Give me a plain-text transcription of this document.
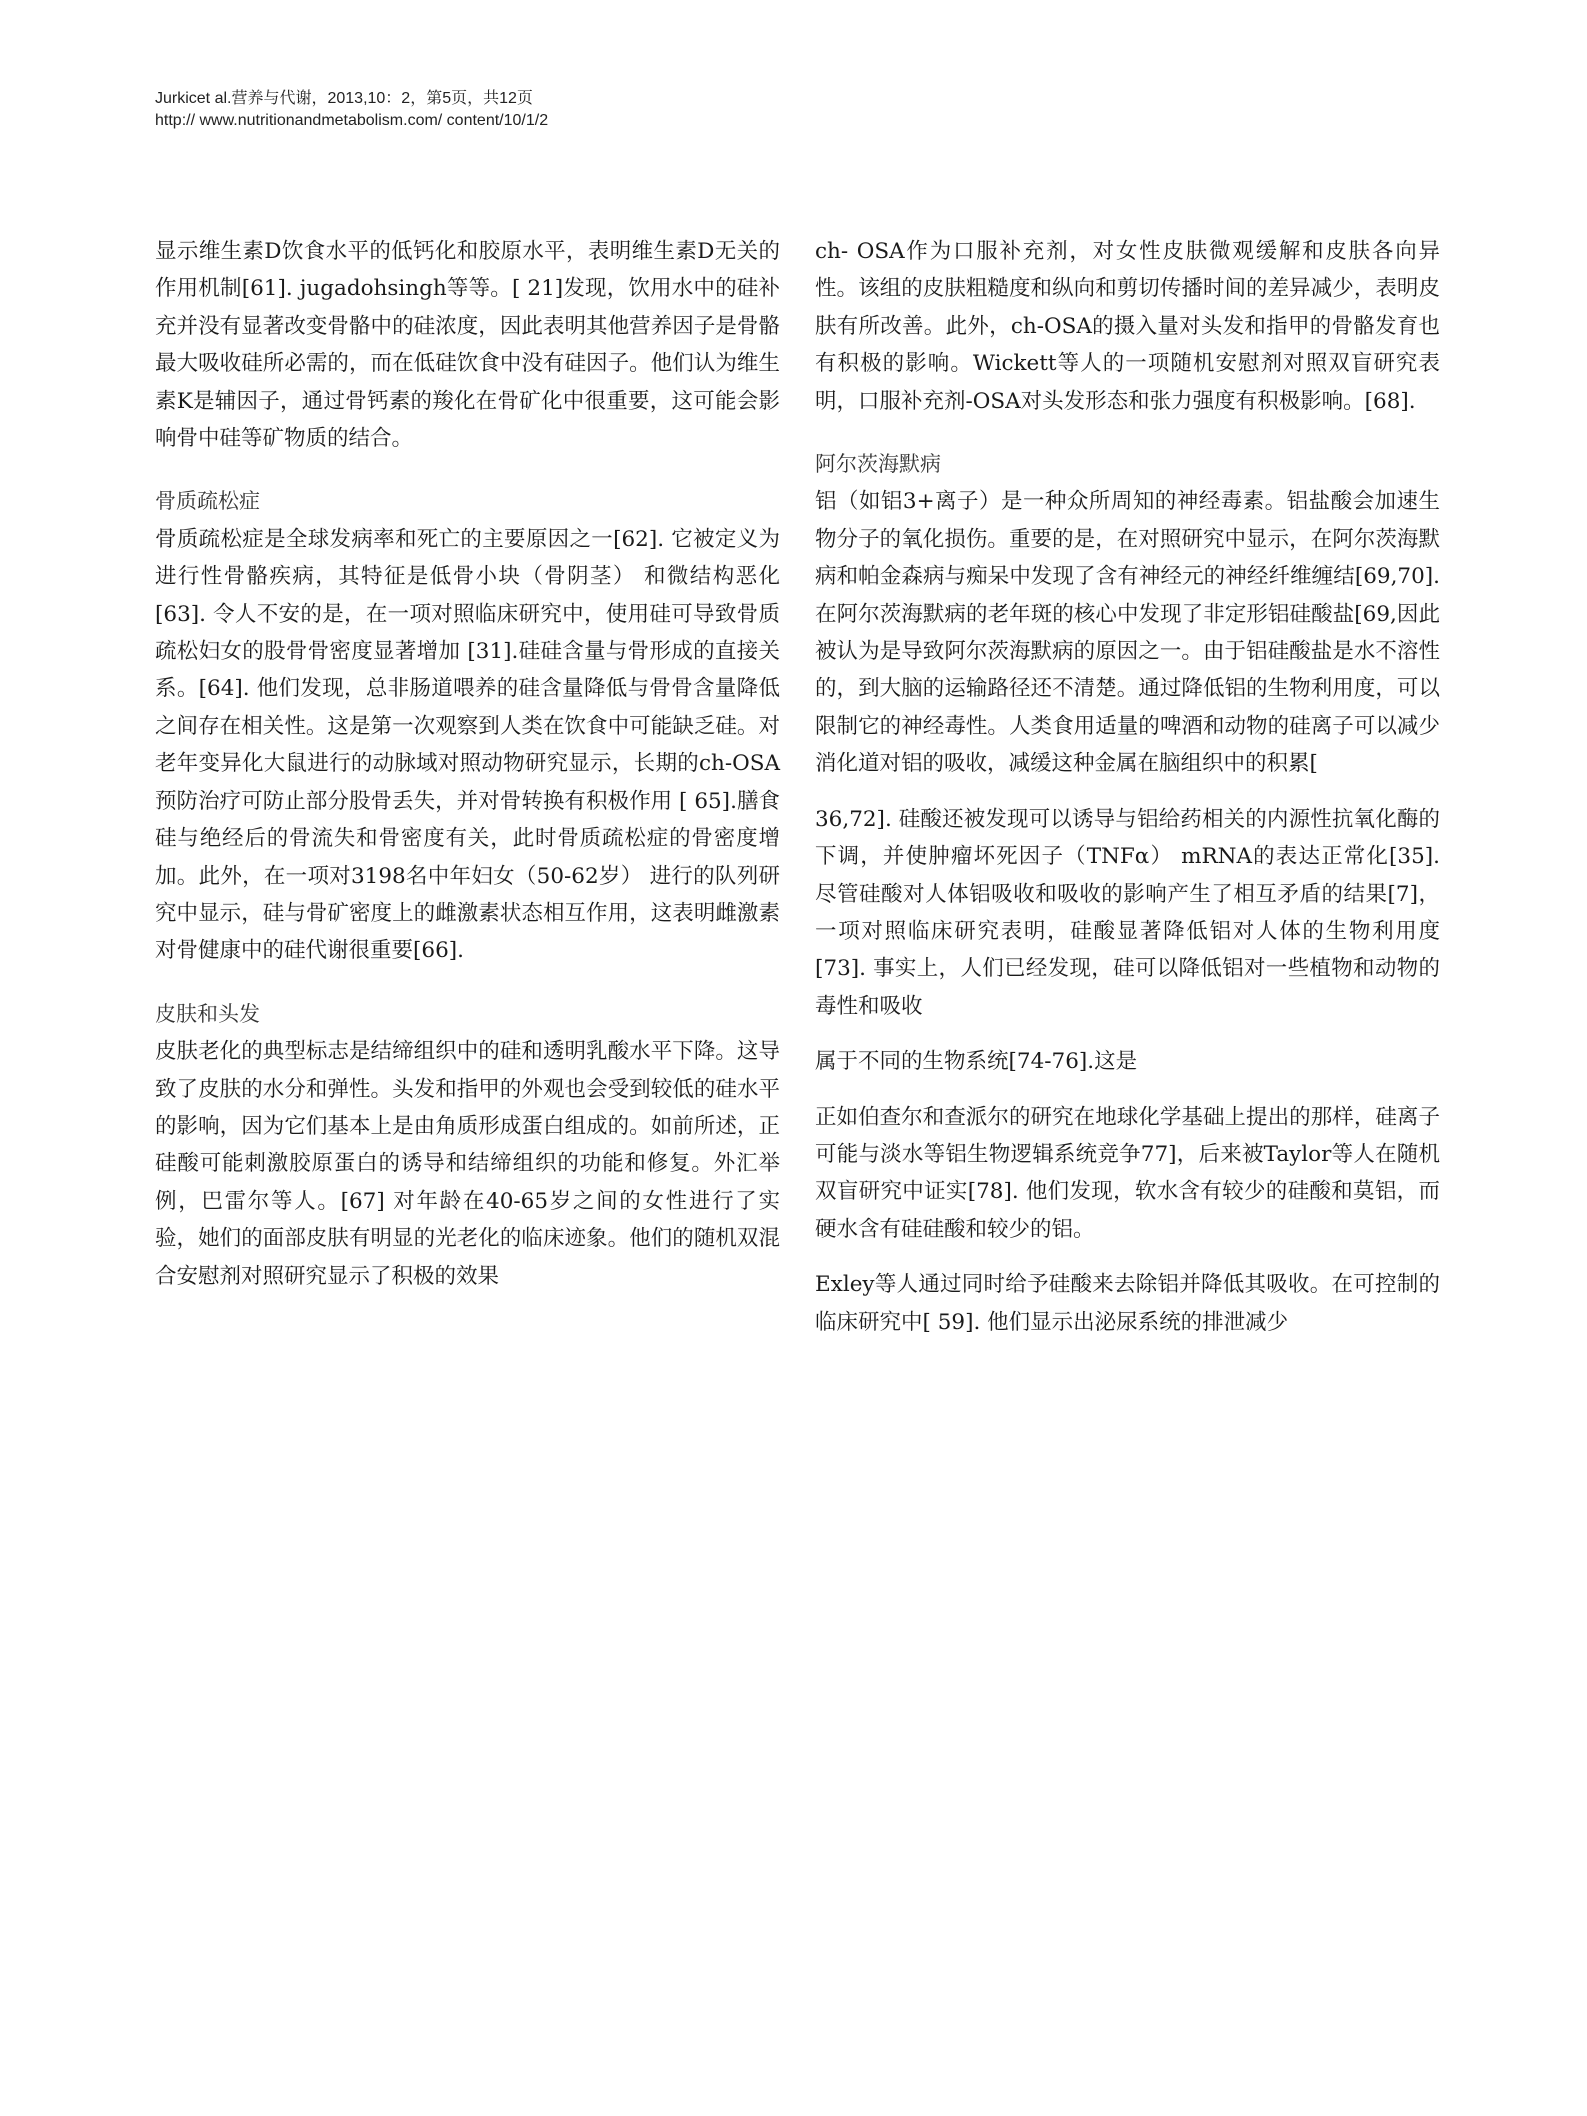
Jurkicet al.营养与代谢，2013,10：2，第5页，共12页
http:// www.nutritionandmetabolism.com/ content/10/1/2

显示维生素D饮食水平的低钙化和胶原水平，表明维生素D无关的作用机制[61]. jugadohsingh等等。[ 21]发现，饮用水中的硅补充并没有显著改变骨骼中的硅浓度，因此表明其他营养因子是骨骼最大吸收硅所必需的，而在低硅饮食中没有硅因子。他们认为维生素K是辅因子，通过骨钙素的羧化在骨矿化中很重要，这可能会影响骨中硅等矿物质的结合。

骨质疏松症

骨质疏松症是全球发病率和死亡的主要原因之一[62]. 它被定义为进行性骨骼疾病，其特征是低骨小块（骨阴茎） 和微结构恶化[63]. 令人不安的是，在一项对照临床研究中，使用硅可导致骨质疏松妇女的股骨骨密度显著增加 [31].硅硅含量与骨形成的直接关系。[64]. 他们发现，总非肠道喂养的硅含量降低与骨骨含量降低之间存在相关性。这是第一次观察到人类在饮食中可能缺乏硅。对老年变异化大鼠进行的动脉域对照动物研究显示，长期的ch-OSA预防治疗可防止部分股骨丢失，并对骨转换有积极作用 [ 65].膳食硅与绝经后的骨流失和骨密度有关，此时骨质疏松症的骨密度增加。此外，在一项对3198名中年妇女（50-62岁） 进行的队列研究中显示，硅与骨矿密度上的雌激素状态相互作用，这表明雌激素对骨健康中的硅代谢很重要[66].

皮肤和头发

皮肤老化的典型标志是结缔组织中的硅和透明乳酸水平下降。这导致了皮肤的水分和弹性。头发和指甲的外观也会受到较低的硅水平的影响，因为它们基本上是由角质形成蛋白组成的。如前所述，正硅酸可能刺激胶原蛋白的诱导和结缔组织的功能和修复。外汇举例，巴雷尔等人。[67] 对年龄在40-65岁之间的女性进行了实验，她们的面部皮肤有明显的光老化的临床迹象。他们的随机双混合安慰剂对照研究显示了积极的效果

ch- OSA作为口服补充剂，对女性皮肤微观缓解和皮肤各向异性。该组的皮肤粗糙度和纵向和剪切传播时间的差异减少，表明皮肤有所改善。此外，ch-OSA的摄入量对头发和指甲的骨骼发育也有积极的影响。Wickett等人的一项随机安慰剂对照双盲研究表明，口服补充剂-OSA对头发形态和张力强度有积极影响。[68].

阿尔茨海默病

铝（如铝3+离子）是一种众所周知的神经毒素。铝盐酸会加速生物分子的氧化损伤。重要的是，在对照研究中显示，在阿尔茨海默病和帕金森病与痴呆中发现了含有神经元的神经纤维缠结[69,70]. 在阿尔茨海默病的老年斑的核心中发现了非定形铝硅酸盐[69,因此被认为是导致阿尔茨海默病的原因之一。由于铝硅酸盐是水不溶性的，到大脑的运输路径还不清楚。通过降低铝的生物利用度，可以限制它的神经毒性。人类食用适量的啤酒和动物的硅离子可以减少消化道对铝的吸收，减缓这种金属在脑组织中的积累[

36,72]. 硅酸还被发现可以诱导与铝给药相关的内源性抗氧化酶的下调，并使肿瘤坏死因子（TNFα） mRNA的表达正常化[35]. 尽管硅酸对人体铝吸收和吸收的影响产生了相互矛盾的结果[7]，一项对照临床研究表明，硅酸显著降低铝对人体的生物利用度[73]. 事实上，人们已经发现，硅可以降低铝对一些植物和动物的毒性和吸收

属于不同的生物系统[74-76].这是

正如伯查尔和查派尔的研究在地球化学基础上提出的那样，硅离子可能与淡水等铝生物逻辑系统竞争77]，后来被Taylor等人在随机双盲研究中证实[78]. 他们发现，软水含有较少的硅酸和莫铝，而硬水含有硅硅酸和较少的铝。

Exley等人通过同时给予硅酸来去除铝并降低其吸收。在可控制的临床研究中[ 59]. 他们显示出泌尿系统的排泄减少
